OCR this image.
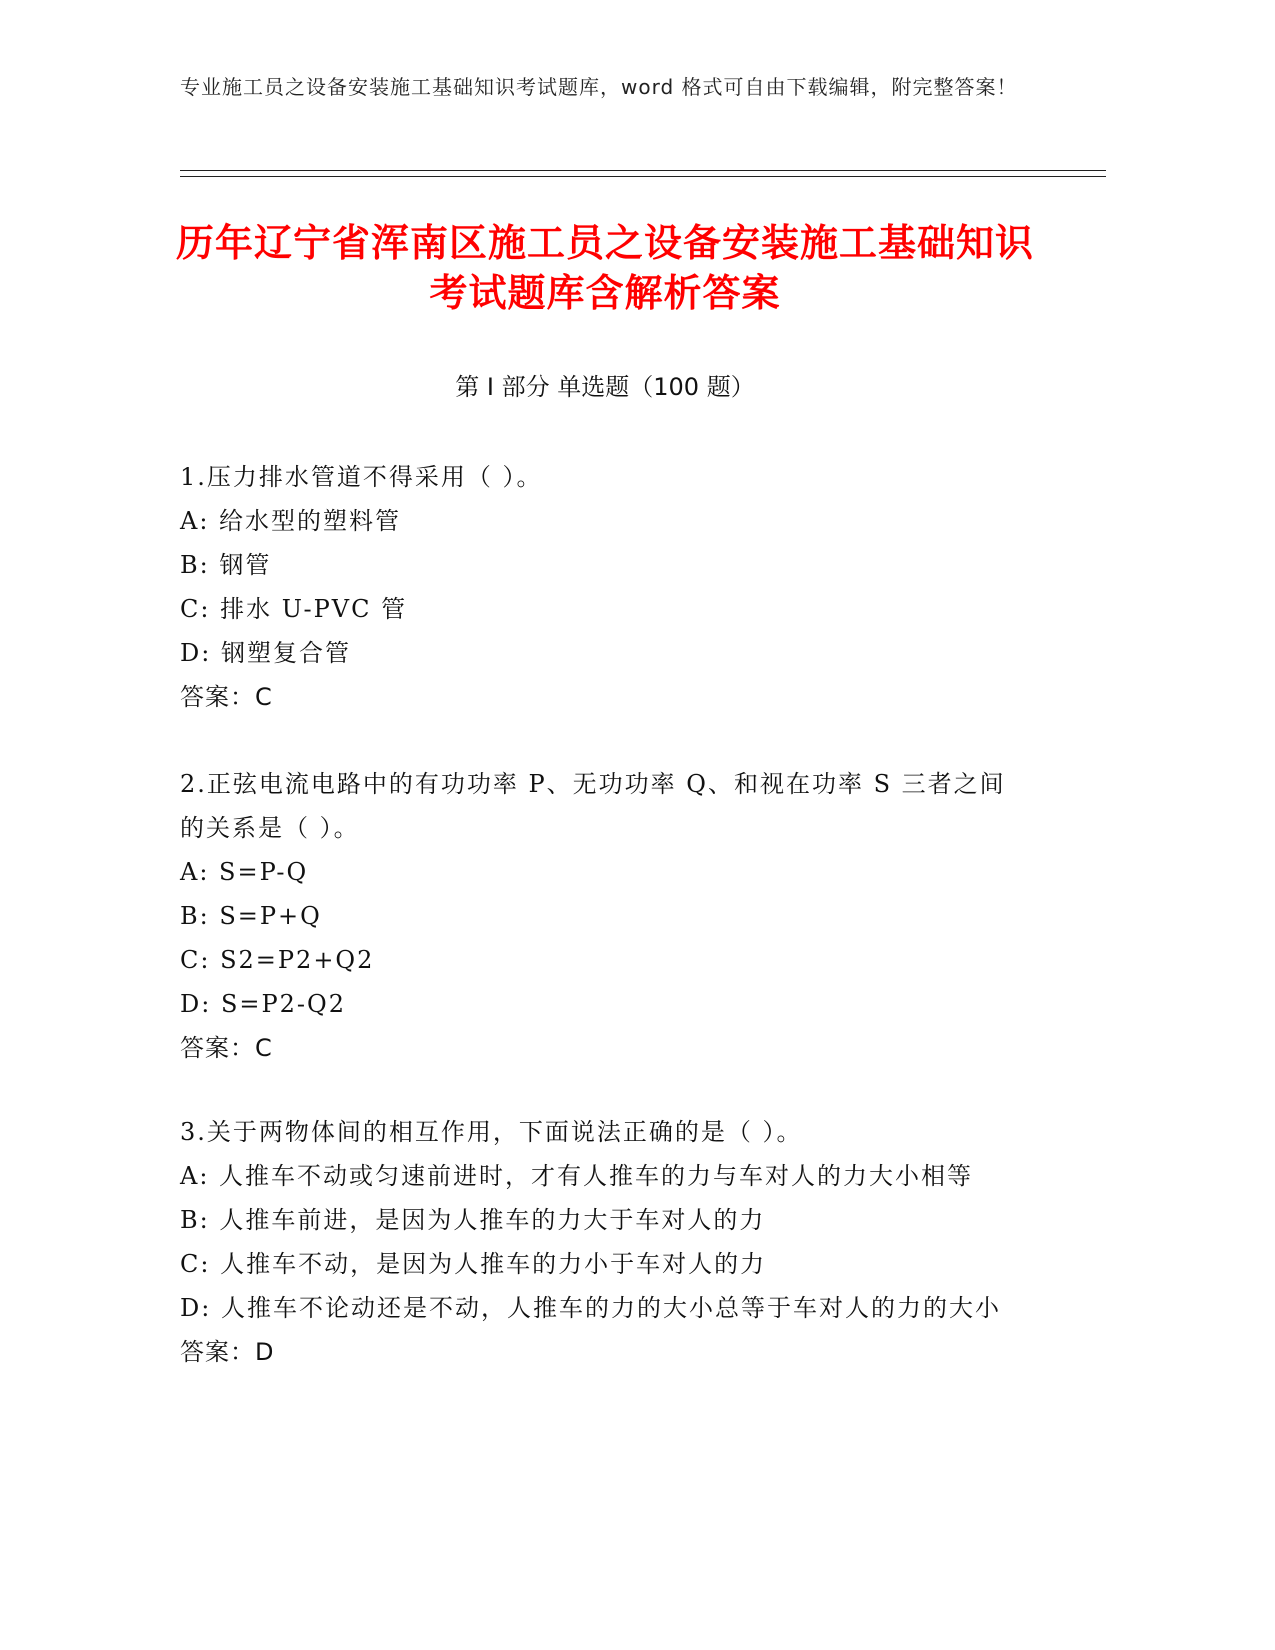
专业施工员之设备安装施工基础知识考试题库，word 格式可自由下载编辑，附完整答案！
历年辽宁省浑南区施工员之设备安装施工基础知识考试题库含解析答案
第 I 部分 单选题（100 题）
1.压力排水管道不得采用（ ）。
A: 给水型的塑料管
B: 钢管
C: 排水 U-PVC 管
D: 钢塑复合管
答案：C
2.正弦电流电路中的有功功率 P、无功功率 Q、和视在功率 S 三者之间的关系是（ ）。
A: S=P-Q
B: S=P+Q
C: S2=P2+Q2
D: S=P2-Q2
答案：C
3.关于两物体间的相互作用，下面说法正确的是（ ）。
A: 人推车不动或匀速前进时，才有人推车的力与车对人的力大小相等
B: 人推车前进，是因为人推车的力大于车对人的力
C: 人推车不动，是因为人推车的力小于车对人的力
D: 人推车不论动还是不动，人推车的力的大小总等于车对人的力的大小
答案：D
